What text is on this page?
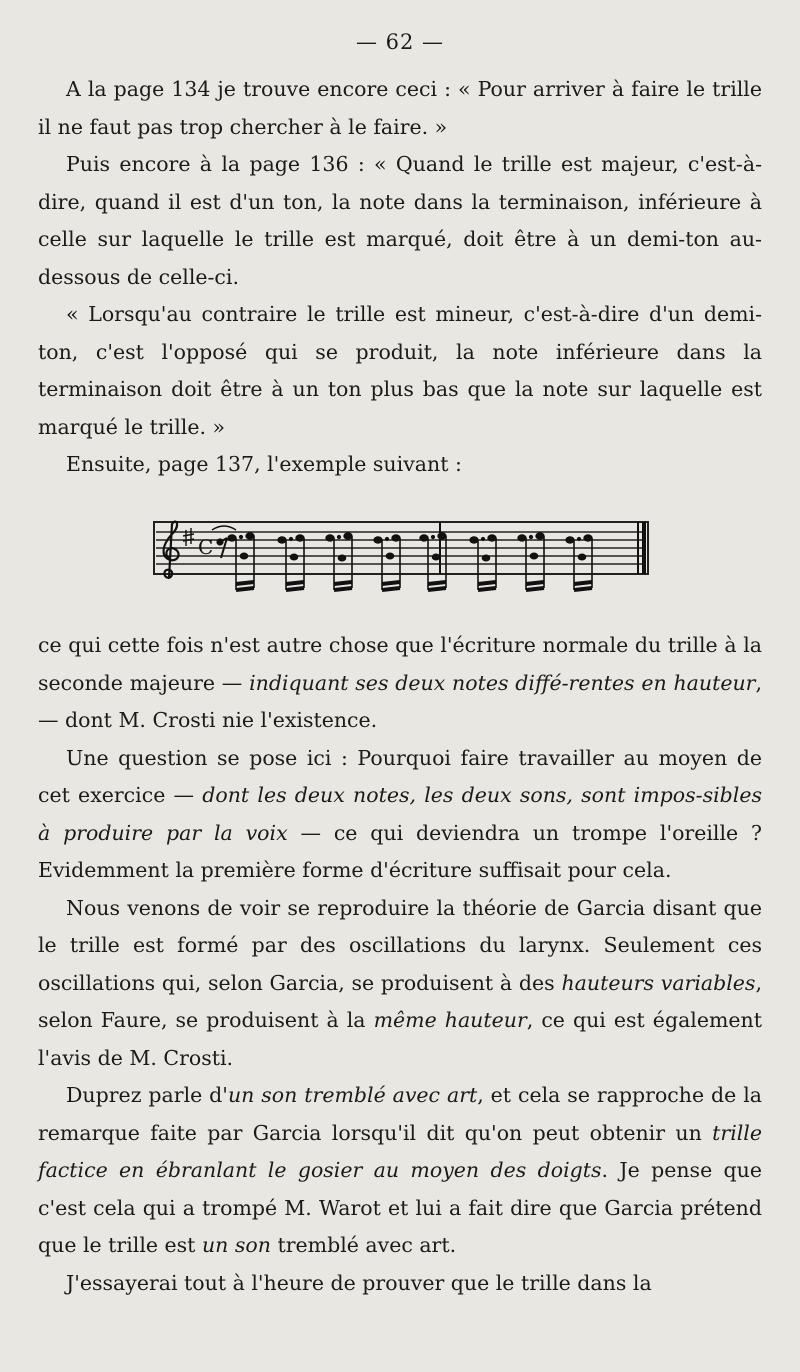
— 62 —

A la page 134 je trouve encore ceci : « Pour arriver à faire le trille il ne faut pas trop chercher à le faire. »

Puis encore à la page 136 : « Quand le trille est majeur, c'est-à-dire, quand il est d'un ton, la note dans la terminaison, inférieure à celle sur laquelle le trille est marqué, doit être à un demi-ton au-dessous de celle-ci.

« Lorsqu'au contraire le trille est mineur, c'est-à-dire d'un demi-ton, c'est l'opposé qui se produit, la note inférieure dans la terminaison doit être à un ton plus bas que la note sur laquelle est marqué le trille. »

Ensuite, page 137, l'exemple suivant :

C

ce qui cette fois n'est autre chose que l'écriture normale du trille à la seconde majeure — indiquant ses deux notes diffé-rentes en hauteur, — dont M. Crosti nie l'existence.

Une question se pose ici : Pourquoi faire travailler au moyen de cet exercice — dont les deux notes, les deux sons, sont impos-sibles à produire par la voix — ce qui deviendra un trompe l'oreille ? Evidemment la première forme d'écriture suffisait pour cela.

Nous venons de voir se reproduire la théorie de Garcia disant que le trille est formé par des oscillations du larynx. Seulement ces oscillations qui, selon Garcia, se produisent à des hauteurs variables, selon Faure, se produisent à la même hauteur, ce qui est également l'avis de M. Crosti.

Duprez parle d'un son tremblé avec art, et cela se rapproche de la remarque faite par Garcia lorsqu'il dit qu'on peut obtenir un trille factice en ébranlant le gosier au moyen des doigts. Je pense que c'est cela qui a trompé M. Warot et lui a fait dire que Garcia prétend que le trille est un son tremblé avec art.

J'essayerai tout à l'heure de prouver que le trille dans la
